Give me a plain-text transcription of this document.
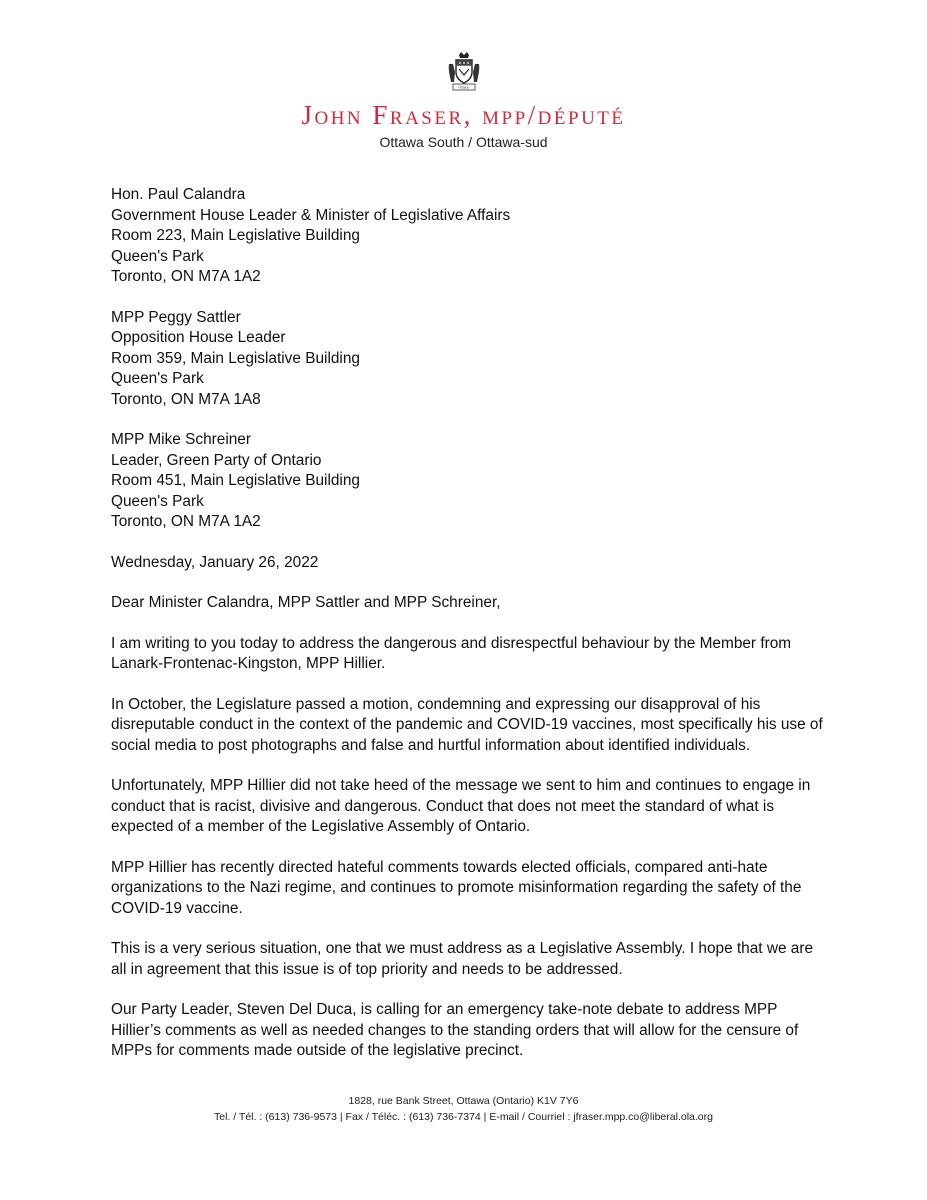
Ontario
John Fraser, mpp/député
Ottawa South / Ottawa-sud
Hon. Paul Calandra
Government House Leader & Minister of Legislative Affairs
Room 223, Main Legislative Building
Queen's Park
Toronto, ON M7A 1A2
MPP Peggy Sattler
Opposition House Leader
Room 359, Main Legislative Building
Queen's Park
Toronto, ON M7A 1A8
MPP Mike Schreiner
Leader, Green Party of Ontario
Room 451, Main Legislative Building
Queen's Park
Toronto, ON M7A 1A2
Wednesday, January 26, 2022
Dear Minister Calandra, MPP Sattler and MPP Schreiner,

I am writing to you today to address the dangerous and disrespectful behaviour by the Member from Lanark-Frontenac-Kingston, MPP Hillier.

In October, the Legislature passed a motion, condemning and expressing our disapproval of his disreputable conduct in the context of the pandemic and COVID-19 vaccines, most specifically his use of social media to post photographs and false and hurtful information about identified individuals.

Unfortunately, MPP Hillier did not take heed of the message we sent to him and continues to engage in conduct that is racist, divisive and dangerous. Conduct that does not meet the standard of what is expected of a member of the Legislative Assembly of Ontario.

MPP Hillier has recently directed hateful comments towards elected officials, compared anti-hate organizations to the Nazi regime, and continues to promote misinformation regarding the safety of the COVID-19 vaccine.

This is a very serious situation, one that we must address as a Legislative Assembly. I hope that we are all in agreement that this issue is of top priority and needs to be addressed.

Our Party Leader, Steven Del Duca, is calling for an emergency take-note debate to address MPP Hillier’s comments as well as needed changes to the standing orders that will allow for the censure of MPPs for comments made outside of the legislative precinct.

1828, rue Bank Street, Ottawa (Ontario) K1V 7Y6
Tel. / Tél. : (613) 736-9573 | Fax / Téléc. : (613) 736-7374 | E-mail / Courriel : jfraser.mpp.co@liberal.ola.org
